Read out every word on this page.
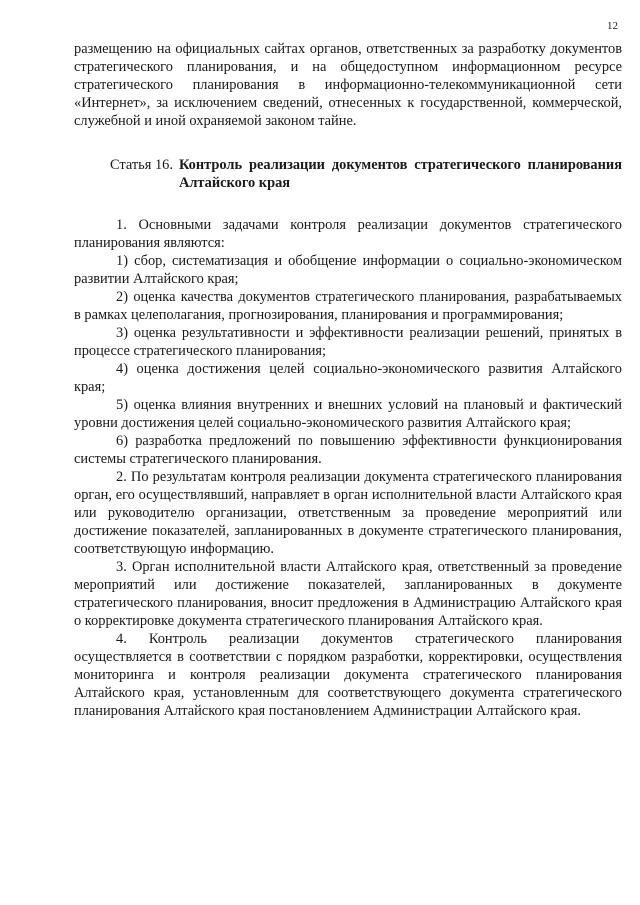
12

размещению на официальных сайтах органов, ответственных за разработку документов стратегического планирования, и на общедоступном информационном ресурсе стратегического планирования в информационно-телекоммуникационной сети «Интернет», за исключением сведений, отнесенных к государственной, коммерческой, служебной и иной охраняемой законом тайне.

Статья 16. Контроль реализации документов стратегического планирования Алтайского края

1. Основными задачами контроля реализации документов стратегического планирования являются:

1) сбор, систематизация и обобщение информации о социально-экономическом развитии Алтайского края;

2) оценка качества документов стратегического планирования, разрабатываемых в рамках целеполагания, прогнозирования, планирования и программирования;

3) оценка результативности и эффективности реализации решений, принятых в процессе стратегического планирования;

4) оценка достижения целей социально-экономического развития Алтайского края;

5) оценка влияния внутренних и внешних условий на плановый и фактический уровни достижения целей социально-экономического развития Алтайского края;

6) разработка предложений по повышению эффективности функционирования системы стратегического планирования.

2. По результатам контроля реализации документа стратегического планирования орган, его осуществлявший, направляет в орган исполнительной власти Алтайского края или руководителю организации, ответственным за проведение мероприятий или достижение показателей, запланированных в документе стратегического планирования, соответствующую информацию.

3. Орган исполнительной власти Алтайского края, ответственный за проведение мероприятий или достижение показателей, запланированных в документе стратегического планирования, вносит предложения в Администрацию Алтайского края о корректировке документа стратегического планирования Алтайского края.

4. Контроль реализации документов стратегического планирования осуществляется в соответствии с порядком разработки, корректировки, осуществления мониторинга и контроля реализации документа стратегического планирования Алтайского края, установленным для соответствующего документа стратегического планирования Алтайского края постановлением Администрации Алтайского края.
